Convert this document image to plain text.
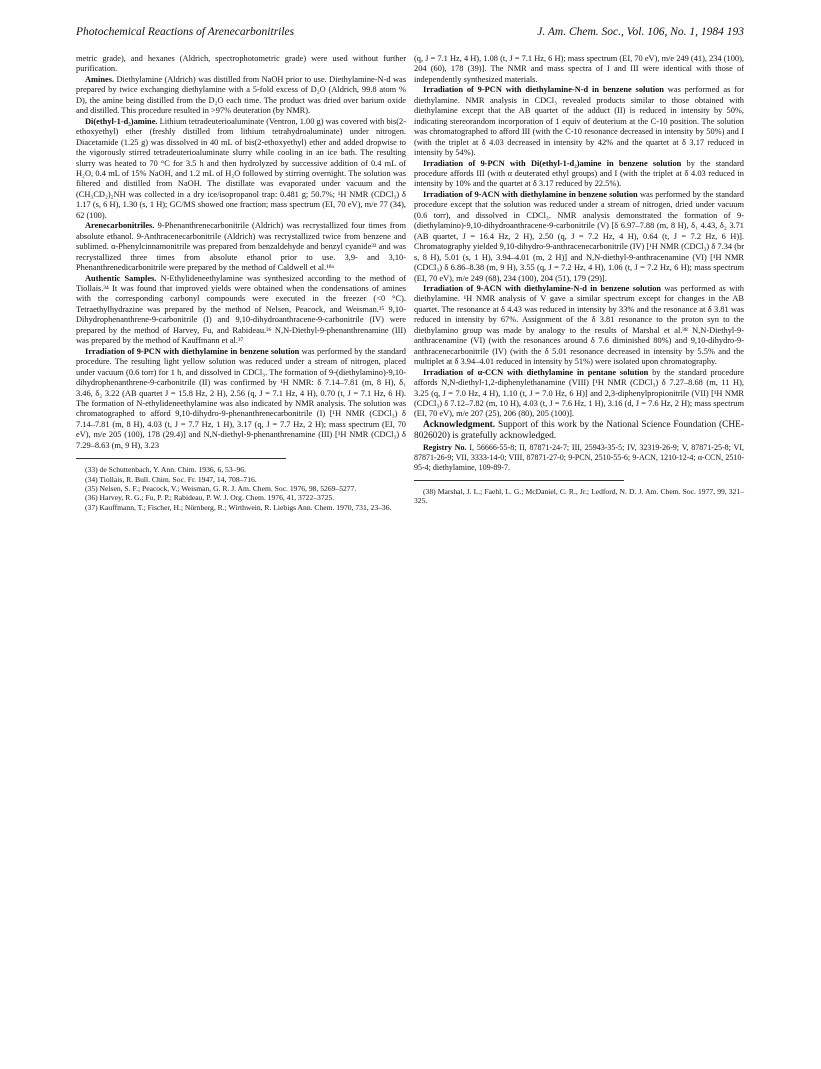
Photochemical Reactions of Arenecarbonitriles	J. Am. Chem. Soc., Vol. 106, No. 1, 1984 193

metric grade), and hexanes (Aldrich, spectrophotometric grade) were used without further purification.

Amines. Diethylamine (Aldrich) was distilled from NaOH prior to use. Diethylamine-N-d was prepared by twice exchanging diethylamine with a 5-fold excess of D₂O (Aldrich, 99.8 atom % D), the amine being distilled from the D₂O each time. The product was dried over barium oxide and distilled. This procedure resulted in >97% deuteration (by NMR).

Di(ethyl-1-d₂)amine. Lithium tetradeuterioaluminate (Ventron, 1.00 g) was covered with bis(2-ethoxyethyl) ether (freshly distilled from lithium tetrahydroaluminate) under nitrogen. Diacetamide (1.25 g) was dissolved in 40 mL of bis(2-ethoxyethyl) ether and added dropwise to the vigorously stirred tetradeuterioaluminate slurry while cooling in an ice bath. The resulting slurry was heated to 70 °C for 3.5 h and then hydrolyzed by successive addition of 0.4 mL of H₂O, 0.4 mL of 15% NaOH, and 1.2 mL of H₂O followed by stirring overnight. The solution was filtered and distilled from NaOH. The distillate was evaporated under vacuum and the (CH₃CD₂)₂NH was collected in a dry ice/isopropanol trap: 0.481 g; 50.7%; ¹H NMR (CDCl₃) δ 1.17 (s, 6 H), 1.30 (s, 1 H); GC/MS showed one fraction; mass spectrum (EI, 70 eV), m/e 77 (34), 62 (100).

Arenecarbonitriles. 9-Phenanthrenecarbonitrile (Aldrich) was recrystallized four times from absolute ethanol. 9-Anthracenecarbonitrile (Aldrich) was recrystallized twice from benzene and sublimed. α-Phenylcinnamonitrile was prepared from benzaldehyde and benzyl cyanide³³ and was recrystallized three times from absolute ethanol prior to use. 3,9- and 3,10-Phenanthrenedicarbonitrile were prepared by the method of Caldwell et al.¹⁸ᵃ

Authentic Samples. N-Ethylideneethylamine was synthesized according to the method of Tiollais.³⁴ It was found that improved yields were obtained when the condensations of amines with the corresponding carbonyl compounds were executed in the freezer (<0 °C). Tetraethylhydrazine was prepared by the method of Nelsen, Peacock, and Weisman.³⁵ 9,10-Dihydrophenanthrene-9-carbonitrile (I) and 9,10-dihydroanthracene-9-carbonitrile (IV) were prepared by the method of Harvey, Fu, and Rabideau.³⁶ N,N-Diethyl-9-phenanthrenamine (III) was prepared by the method of Kauffmann et al.³⁷

Irradiation of 9-PCN with diethylamine in benzene solution was performed by the standard procedure. The resulting light yellow solution was reduced under a stream of nitrogen, placed under vacuum (0.6 torr) for 1 h, and dissolved in CDCl₃. The formation of 9-(diethylamino)-9,10-dihydrophenanthrene-9-carbonitrile (II) was confirmed by ¹H NMR: δ 7.14–7.81 (m, 8 H), δ₁ 3.46, δ₂ 3.22 (AB quartet J = 15.8 Hz, 2 H), 2.56 (q, J = 7.1 Hz, 4 H), 0.70 (t, J = 7.1 Hz, 6 H). The formation of N-ethylideneethylamine was also indicated by NMR analysis. The solution was chromatographed to afford 9,10-dihydro-9-phenanthrenecarbonitrile (I) [¹H NMR (CDCl₃) δ 7.14–7.81 (m, 8 H), 4.03 (t, J = 7.7 Hz, 1 H), 3.17 (q, J = 7.7 Hz, 2 H); mass spectrum (EI, 70 eV), m/e 205 (100), 178 (29.4)] and N,N-diethyl-9-phenanthrenamine (III) [¹H NMR (CDCl₃) δ 7.29–8.63 (m, 9 H), 3.23

(33) de Schuttenbach, Y. Ann. Chim. 1936, 6, 53–96.

(34) Tiollais, R. Bull. Chim. Soc. Fr. 1947, 14, 708–716.

(35) Nelsen, S. F.; Peacock, V.; Weisman, G. R. J. Am. Chem. Soc. 1976, 98, 5269–5277.

(36) Harvey, R. G.; Fu, P. P.; Rabideau, P. W. J. Org. Chem. 1976, 41, 3722–3725.

(37) Kauffmann, T.; Fischer, H.; Nürnberg, R.; Wirthwein, R. Liebigs Ann. Chem. 1970, 731, 23–36.

(q, J = 7.1 Hz, 4 H), 1.08 (t, J = 7.1 Hz, 6 H); mass spectrum (EI, 70 eV), m/e 249 (41), 234 (100), 204 (60), 178 (39)]. The NMR and mass spectra of I and III were identical with those of independently synthesized materials.

Irradiation of 9-PCN with diethylamine-N-d in benzene solution was performed as for diethylamine. NMR analysis in CDCl₃ revealed products similar to those obtained with diethylamine except that the AB quartet of the adduct (II) is reduced in intensity by 50%, indicating stereorandom incorporation of 1 equiv of deuterium at the C-10 position. The solution was chromatographed to afford III (with the C-10 resonance decreased in intensity by 50%) and I (with the triplet at δ 4.03 decreased in intensity by 42% and the quartet at δ 3.17 reduced in intensity by 54%).

Irradiation of 9-PCN with Di(ethyl-1-d₂)amine in benzene solution by the standard procedure affords III (with α deuterated ethyl groups) and I (with the triplet at δ 4.03 reduced in intensity by 10% and the quartet at δ 3.17 reduced by 22.5%).

Irradiation of 9-ACN with diethylamine in benzene solution was performed by the standard procedure except that the solution was reduced under a stream of nitrogen, dried under vacuum (0.6 torr), and dissolved in CDCl₃. NMR analysis demonstrated the formation of 9-(diethylamino)-9,10-dihydroanthracene-9-carbonitrile (V) [δ 6.97–7.88 (m, 8 H), δ₁ 4.43, δ₂ 3.71 (AB quartet, J = 16.4 Hz, 2 H), 2.50 (q, J = 7.2 Hz, 4 H), 0.64 (t, J = 7.2 Hz, 6 H)]. Chromatography yielded 9,10-dihydro-9-anthracenecarbonitrile (IV) [¹H NMR (CDCl₃) δ 7.34 (br s, 8 H), 5.01 (s, 1 H), 3.94–4.01 (m, 2 H)] and N,N-diethyl-9-anthracenamine (VI) [¹H NMR (CDCl₃) δ 6.86–8.38 (m, 9 H), 3.55 (q, J = 7.2 Hz, 4 H), 1.06 (t, J = 7.2 Hz, 6 H); mass spectrum (EI, 70 eV), m/e 249 (68), 234 (100), 204 (51), 179 (29)].

Irradiation of 9-ACN with diethylamine-N-d in benzene solution was performed as with diethylamine. ¹H NMR analysis of V gave a similar spectrum except for changes in the AB quartet. The resonance at δ 4.43 was reduced in intensity by 33% and the resonance at δ 3.81 was reduced in intensity by 67%. Assignment of the δ 3.81 resonance to the proton syn to the diethylamino group was made by analogy to the results of Marshal et al.³⁸ N,N-Diethyl-9-anthracenamine (VI) (with the resonances around δ 7.6 diminished 80%) and 9,10-dihydro-9-anthracenecarbonitrile (IV) (with the δ 5.01 resonance decreased in intensity by 5.5% and the multiplet at δ 3.94–4.01 reduced in intensity by 51%) were isolated upon chromatography.

Irradiation of α-CCN with diethylamine in pentane solution by the standard procedure affords N,N-diethyl-1,2-diphenylethanamine (VIII) [¹H NMR (CDCl₃) δ 7.27–8.68 (m, 11 H), 3.25 (q, J = 7.0 Hz, 4 H), 1.10 (t, J = 7.0 Hz, 6 H)] and 2,3-diphenylpropionitrile (VII) [¹H NMR (CDCl₃) δ 7.12–7.82 (m, 10 H), 4.03 (t, J = 7.6 Hz, 1 H), 3.16 (d, J = 7.6 Hz, 2 H); mass spectrum (EI, 70 eV), m/e 207 (25), 206 (80), 205 (100)].

Acknowledgment. Support of this work by the National Science Foundation (CHE-8026020) is gratefully acknowledged.

Registry No. I, 56666-55-8; II, 87871-24-7; III, 25943-35-5; IV, 32319-26-9; V, 87871-25-8; VI, 87871-26-9; VII, 3333-14-0; VIII, 87871-27-0; 9-PCN, 2510-55-6; 9-ACN, 1210-12-4; α-CCN, 2510-95-4; diethylamine, 109-89-7.

(38) Marshal, J. L.; Faehl, L. G.; McDaniel, C. R., Jr.; Ledford, N. D. J. Am. Chem. Soc. 1977, 99, 321–325.
